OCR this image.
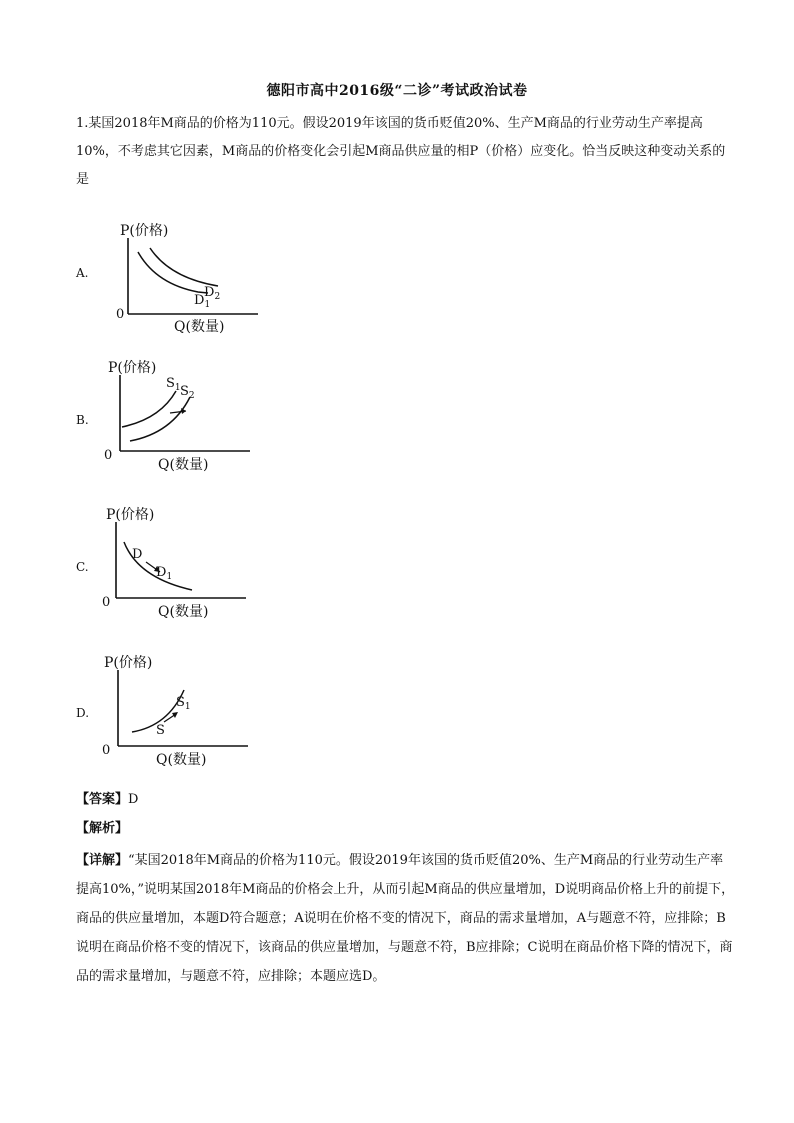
德阳市高中2016级“二诊”考试政治试卷
1.某国2018年M商品的价格为110元。假设2019年该国的货币贬值20%、生产M商品的行业劳动生产率提高10%，不考虑其它因素，M商品的价格变化会引起M商品供应量的相P（价格）应变化。恰当反映这种变动关系的是
A.
P(价格)
Q(数量)
0
$D_2$
$D_1$
B.
P(价格)
Q(数量)
0
$S_1$ $S_2$
C.
P(价格)
Q(数量)
0
D
$D_1$
D.
P(价格)
Q(数量)
0
$S_1$
S
【答案】D
【解析】
【详解】“某国2018年M商品的价格为110元。假设2019年该国的货币贬值20%、生产M商品的行业劳动生产率提高10%，”说明某国2018年M商品的价格会上升，从而引起M商品的供应量增加，D说明商品价格上升的前提下，商品的供应量增加，本题D符合题意；A说明在价格不变的情况下，商品的需求量增加，A与题意不符，应排除；B说明在商品价格不变的情况下，该商品的供应量增加，与题意不符，B应排除；C说明在商品价格下降的情况下，商品的需求量增加，与题意不符，应排除；本题应选D。
